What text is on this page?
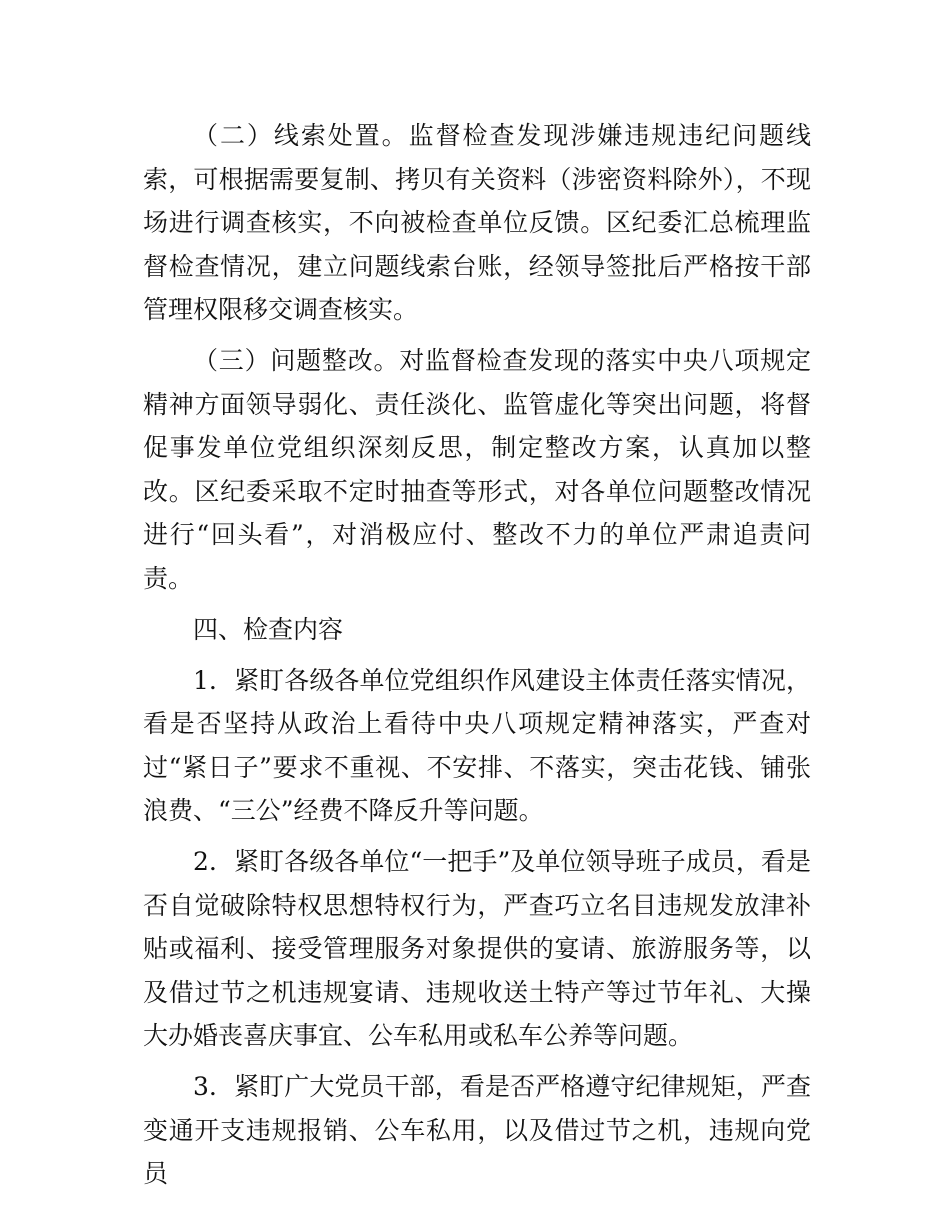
（二）线索处置。监督检查发现涉嫌违规违纪问题线索，可根据需要复制、拷贝有关资料（涉密资料除外），不现场进行调查核实，不向被检查单位反馈。区纪委汇总梳理监督检查情况，建立问题线索台账，经领导签批后严格按干部管理权限移交调查核实。

（三）问题整改。对监督检查发现的落实中央八项规定精神方面领导弱化、责任淡化、监管虚化等突出问题，将督促事发单位党组织深刻反思，制定整改方案，认真加以整改。区纪委采取不定时抽查等形式，对各单位问题整改情况进行“回头看”，对消极应付、整改不力的单位严肃追责问责。

四、检查内容

1．紧盯各级各单位党组织作风建设主体责任落实情况，看是否坚持从政治上看待中央八项规定精神落实，严查对过“紧日子”要求不重视、不安排、不落实，突击花钱、铺张浪费、“三公”经费不降反升等问题。

2．紧盯各级各单位“一把手”及单位领导班子成员，看是否自觉破除特权思想特权行为，严查巧立名目违规发放津补贴或福利、接受管理服务对象提供的宴请、旅游服务等，以及借过节之机违规宴请、违规收送土特产等过节年礼、大操大办婚丧喜庆事宜、公车私用或私车公养等问题。

3．紧盯广大党员干部，看是否严格遵守纪律规矩，严查变通开支违规报销、公车私用，以及借过节之机，违规向党员
